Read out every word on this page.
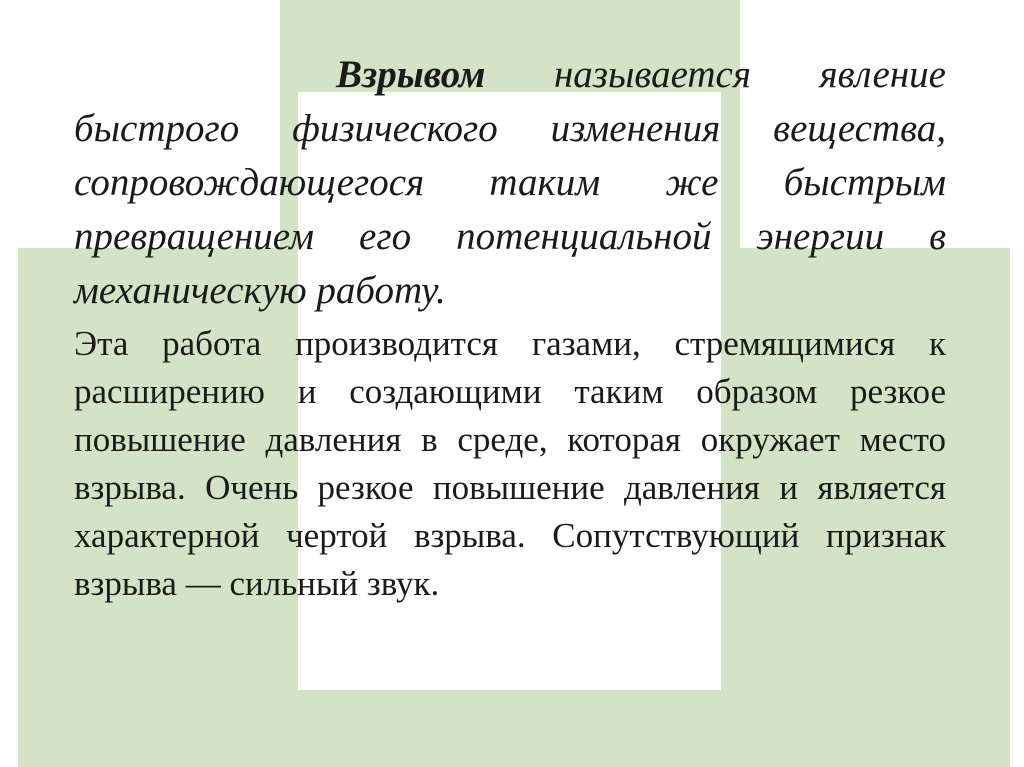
Взрывом называется явление быстрого физического изменения вещества, сопровождающегося таким же быстрым превращением его потенциальной энергии в механическую работу.

Эта работа производится газами, стремящимися к расширению и создающими таким образом резкое повышение давления в среде, которая окружает место взрыва. Очень резкое повышение давления и является характерной чертой взрыва. Сопутствующий признак взрыва — сильный звук.
